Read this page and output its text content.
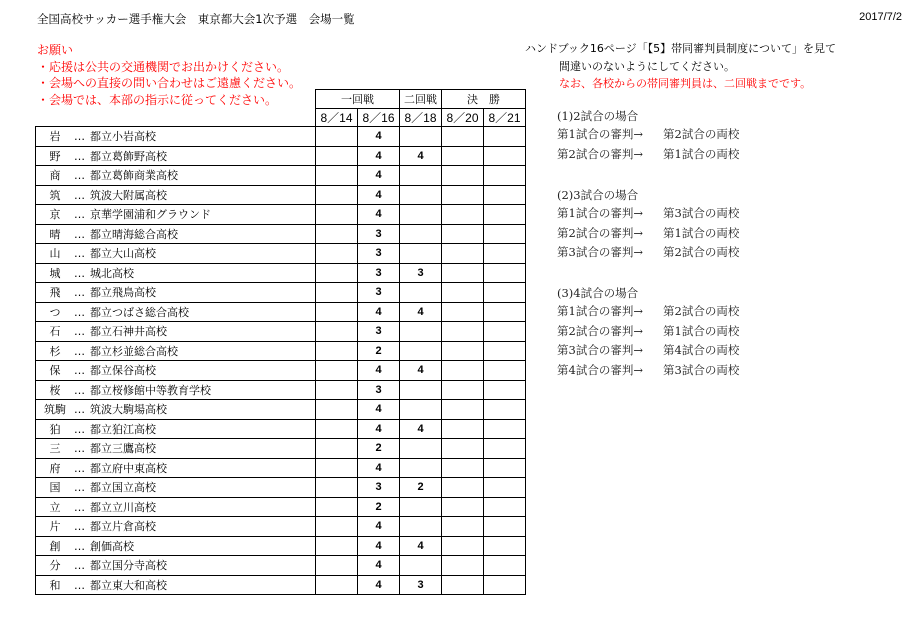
全国高校サッカー選手権大会　東京都大会1次予選　会場一覧	2017/7/2
お願い
・応援は公共の交通機関でお出かけください。
・会場への直接の問い合わせはご遠慮ください。
・会場では、本部の指示に従ってください。
ハンドブック16ページ「【5】帯同審判員制度について」を見て
間違いのないようにしてください。
なお、各校からの帯同審判員は、二回戦までです。
(1)2試合の場合
第1試合の審判→	第2試合の両校
第2試合の審判→	第1試合の両校
(2)3試合の場合
第1試合の審判→	第3試合の両校
第2試合の審判→	第1試合の両校
第3試合の審判→	第2試合の両校
(3)4試合の場合
第1試合の審判→	第2試合の両校
第2試合の審判→	第1試合の両校
第3試合の審判→	第4試合の両校
第4試合の審判→	第3試合の両校
	一回戦		二回戦	決　勝	
	8／14	8／16	8／18	8／20	8／21
岩 … 都立小岩高校		4			
野 … 都立葛飾野高校		4	4		
商 … 都立葛飾商業高校		4			
筑 … 筑波大附属高校		4			
京 … 京華学園浦和グラウンド		4			
晴 … 都立晴海総合高校		3			
山 … 都立大山高校		3			
城 … 城北高校		3	3		
飛 … 都立飛鳥高校		3			
つ … 都立つばさ総合高校		4	4		
石 … 都立石神井高校		3			
杉 … 都立杉並総合高校		2			
保 … 都立保谷高校		4	4		
桜 … 都立桜修館中等教育学校		3			
筑駒 … 筑波大駒場高校		4			
狛 … 都立狛江高校		4	4		
三 … 都立三鷹高校		2			
府 … 都立府中東高校		4			
国 … 都立国立高校		3	2		
立 … 都立立川高校		2			
片 … 都立片倉高校		4			
創 … 創価高校		4	4		
分 … 都立国分寺高校		4			
和 … 都立東大和高校		4	3		
